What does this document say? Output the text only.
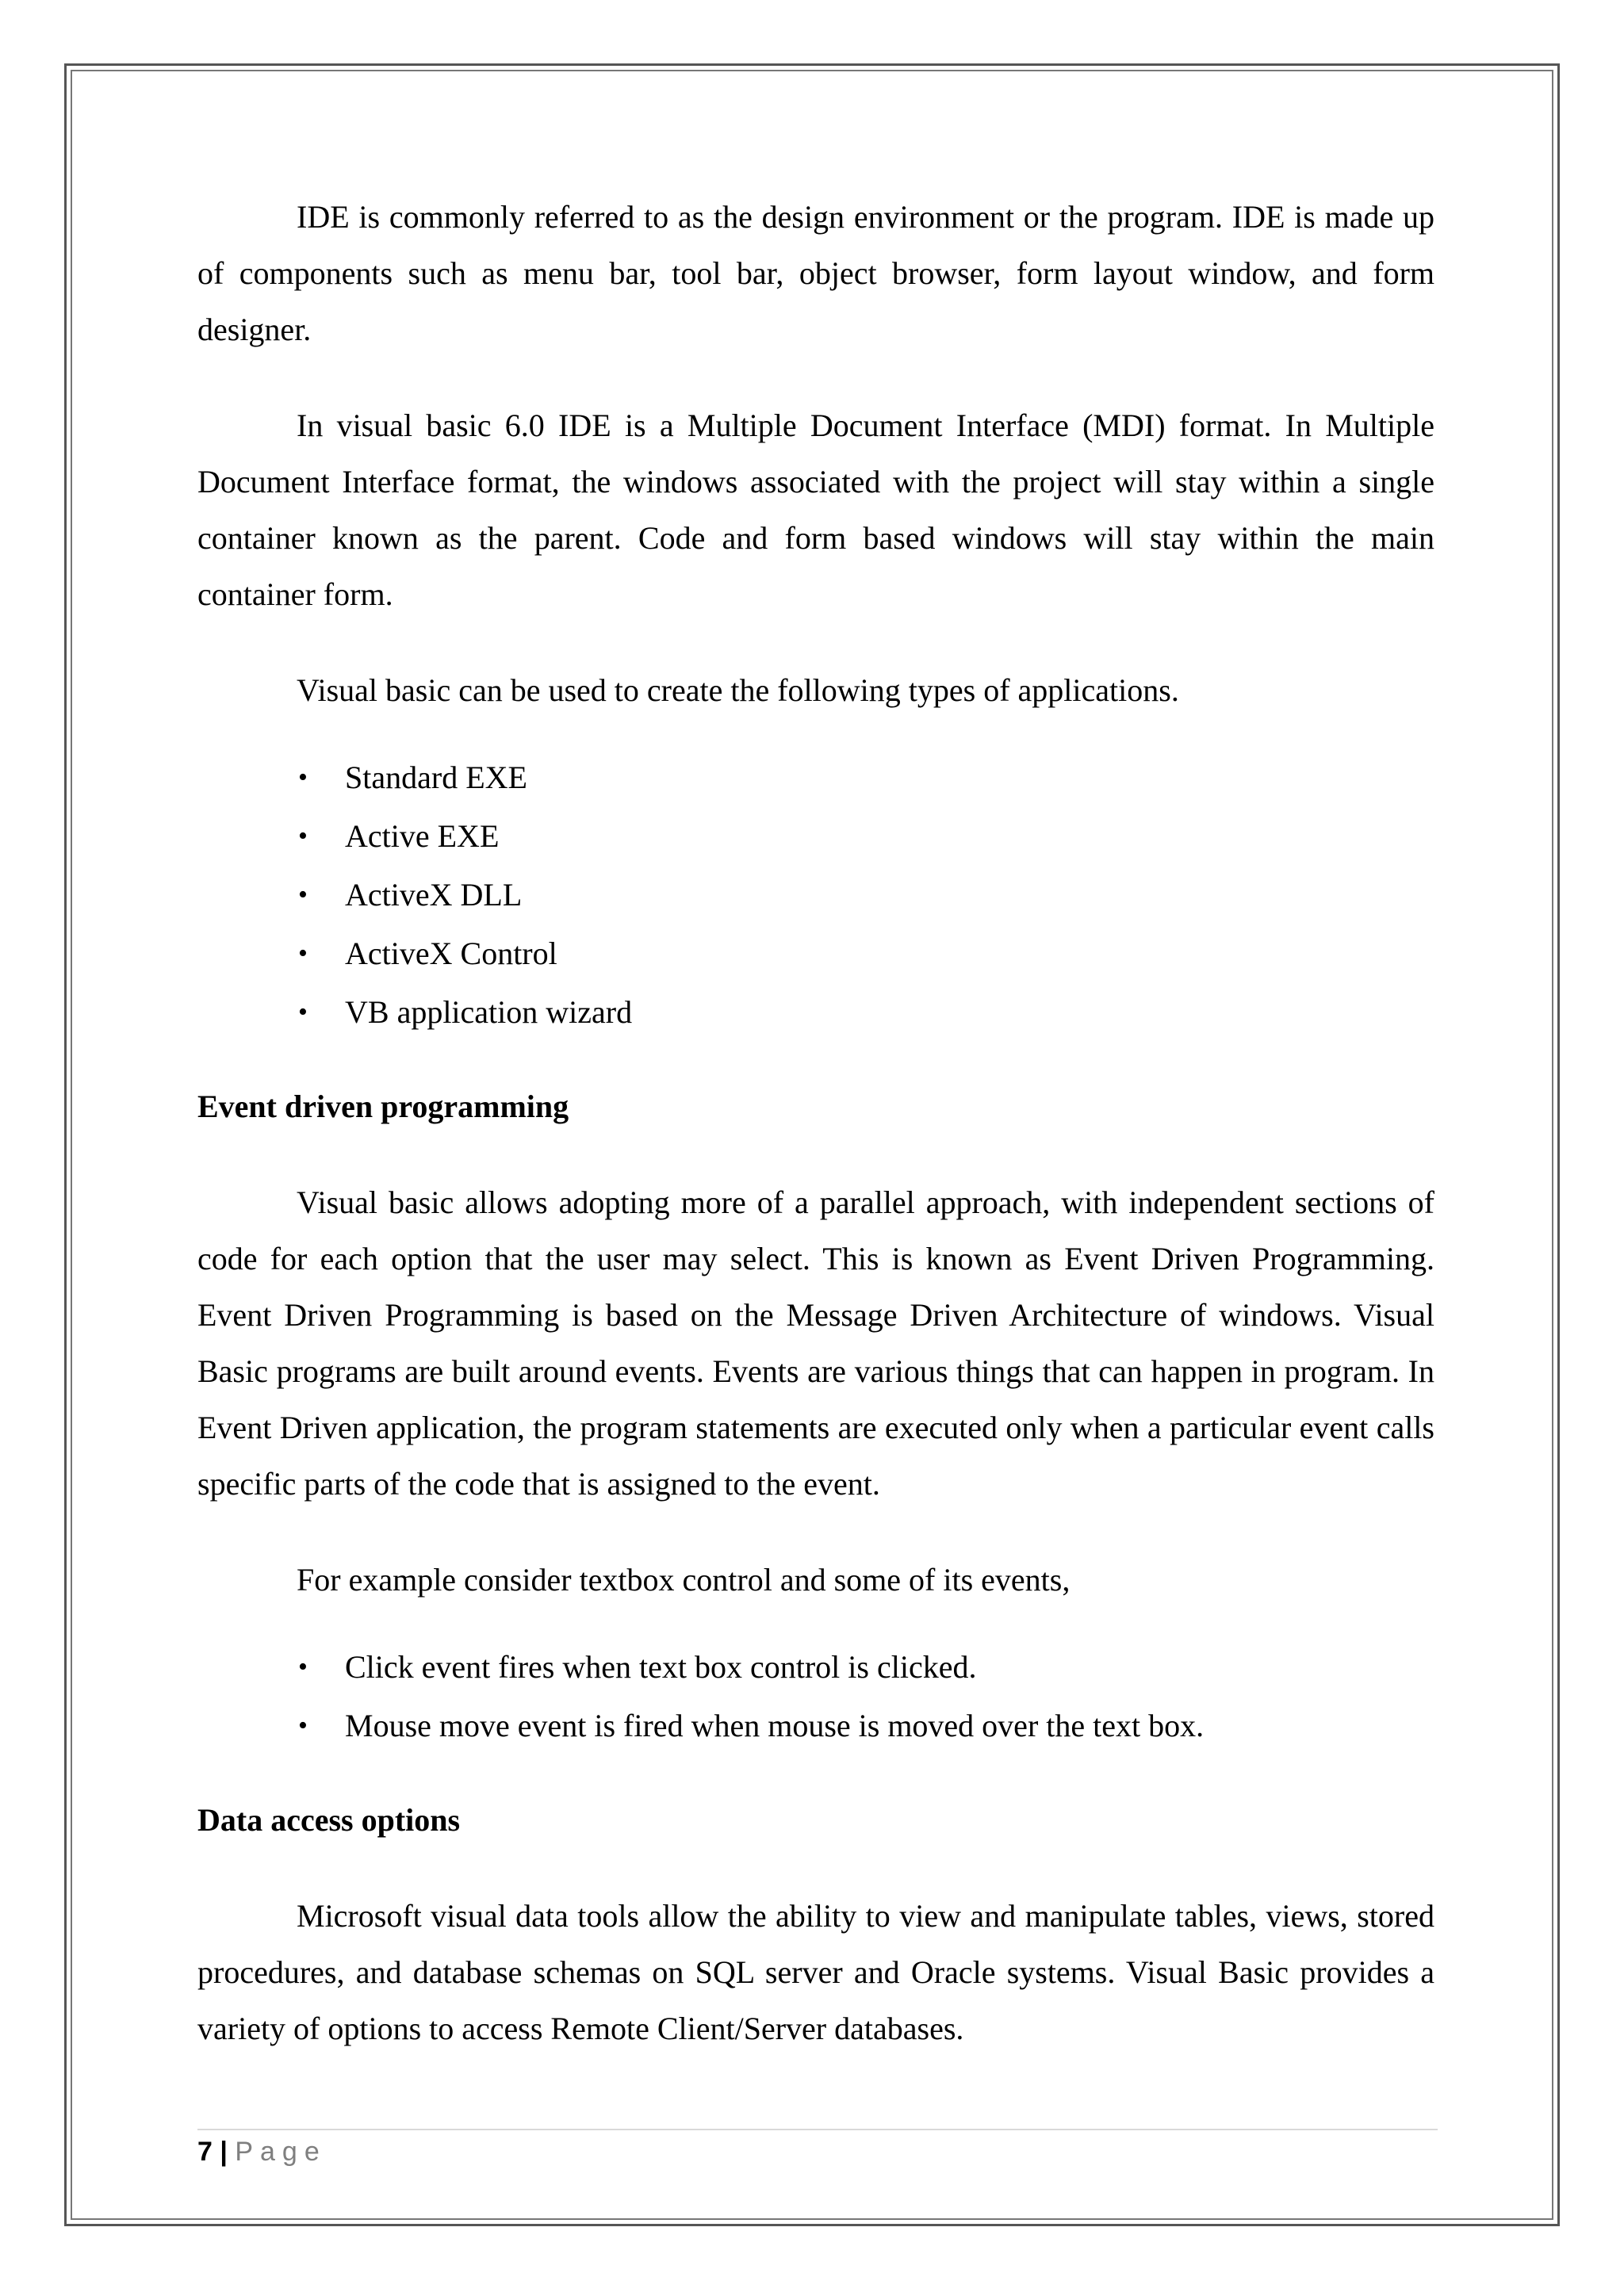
IDE is commonly referred to as the design environment or the program. IDE is made up of components such as menu bar, tool bar, object browser, form layout window, and form designer.

In visual basic 6.0 IDE is a Multiple Document Interface (MDI) format. In Multiple Document Interface format, the windows associated with the project will stay within a single container known as the parent. Code and form based windows will stay within the main container form.

Visual basic can be used to create the following types of applications.

• Standard EXE
• Active EXE
• ActiveX DLL
• ActiveX Control
• VB application wizard
Event driven programming

Visual basic allows adopting more of a parallel approach, with independent sections of code for each option that the user may select. This is known as Event Driven Programming. Event Driven Programming is based on the Message Driven Architecture of windows. Visual Basic programs are built around events. Events are various things that can happen in program. In Event Driven application, the program statements are executed only when a particular event calls specific parts of the code that is assigned to the event.

For example consider textbox control and some of its events,

• Click event fires when text box control is clicked.
• Mouse move event is fired when mouse is moved over the text box.
Data access options

Microsoft visual data tools allow the ability to view and manipulate tables, views, stored procedures, and database schemas on SQL server and Oracle systems. Visual Basic provides a variety of options to access Remote Client/Server databases.

7 | Page
